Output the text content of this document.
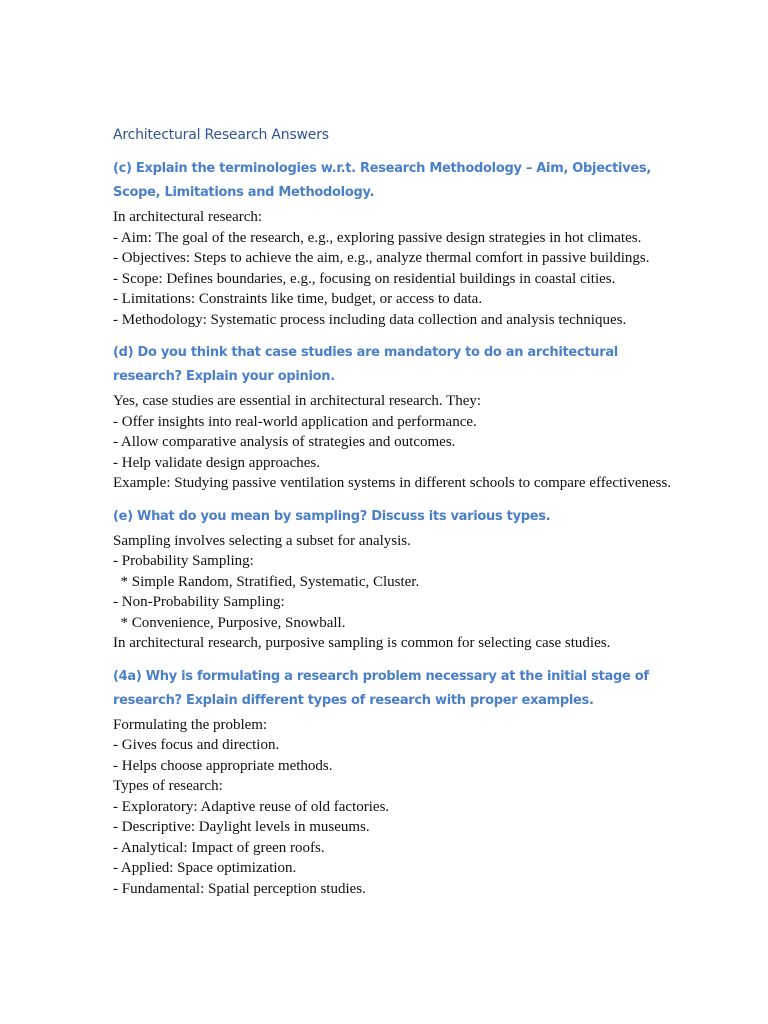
Architectural Research Answers
(c) Explain the terminologies w.r.t. Research Methodology – Aim, Objectives, Scope, Limitations and Methodology.
In architectural research:
- Aim: The goal of the research, e.g., exploring passive design strategies in hot climates.
- Objectives: Steps to achieve the aim, e.g., analyze thermal comfort in passive buildings.
- Scope: Defines boundaries, e.g., focusing on residential buildings in coastal cities.
- Limitations: Constraints like time, budget, or access to data.
- Methodology: Systematic process including data collection and analysis techniques.
(d) Do you think that case studies are mandatory to do an architectural research? Explain your opinion.
Yes, case studies are essential in architectural research. They:
- Offer insights into real-world application and performance.
- Allow comparative analysis of strategies and outcomes.
- Help validate design approaches.
Example: Studying passive ventilation systems in different schools to compare effectiveness.
(e) What do you mean by sampling? Discuss its various types.
Sampling involves selecting a subset for analysis.
- Probability Sampling:
* Simple Random, Stratified, Systematic, Cluster.
- Non-Probability Sampling:
* Convenience, Purposive, Snowball.
In architectural research, purposive sampling is common for selecting case studies.
(4a) Why is formulating a research problem necessary at the initial stage of research? Explain different types of research with proper examples.
Formulating the problem:
- Gives focus and direction.
- Helps choose appropriate methods.
Types of research:
- Exploratory: Adaptive reuse of old factories.
- Descriptive: Daylight levels in museums.
- Analytical: Impact of green roofs.
- Applied: Space optimization.
- Fundamental: Spatial perception studies.
